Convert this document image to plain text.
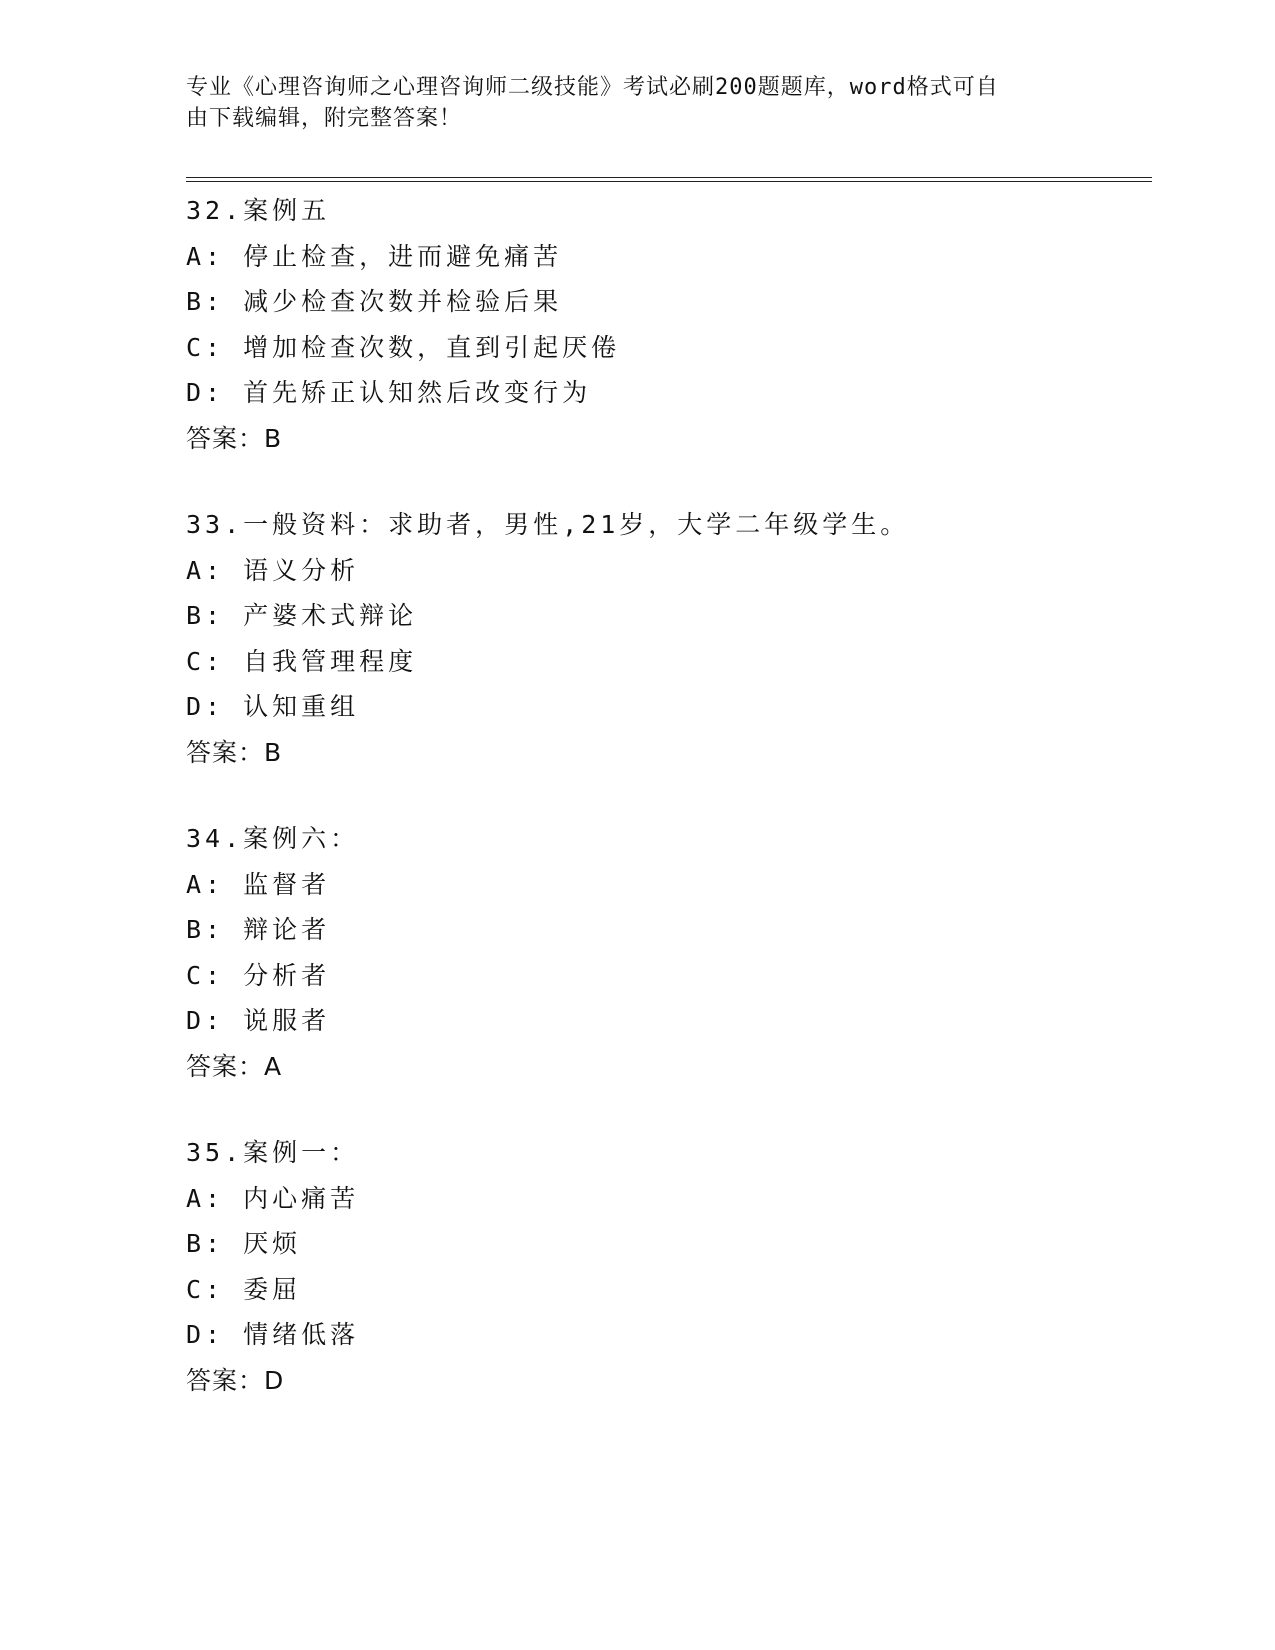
专业《心理咨询师之心理咨询师二级技能》考试必刷200题题库，word格式可自
由下载编辑，附完整答案！
32.案例五
A: 停止检查，进而避免痛苦
B: 减少检查次数并检验后果
C: 增加检查次数，直到引起厌倦
D: 首先矫正认知然后改变行为
答案：B
33.一般资料：求助者，男性,21岁，大学二年级学生。
A: 语义分析
B: 产婆术式辩论
C: 自我管理程度
D: 认知重组
答案：B
34.案例六：
A: 监督者
B: 辩论者
C: 分析者
D: 说服者
答案：A
35.案例一：
A: 内心痛苦
B: 厌烦
C: 委屈
D: 情绪低落
答案：D
